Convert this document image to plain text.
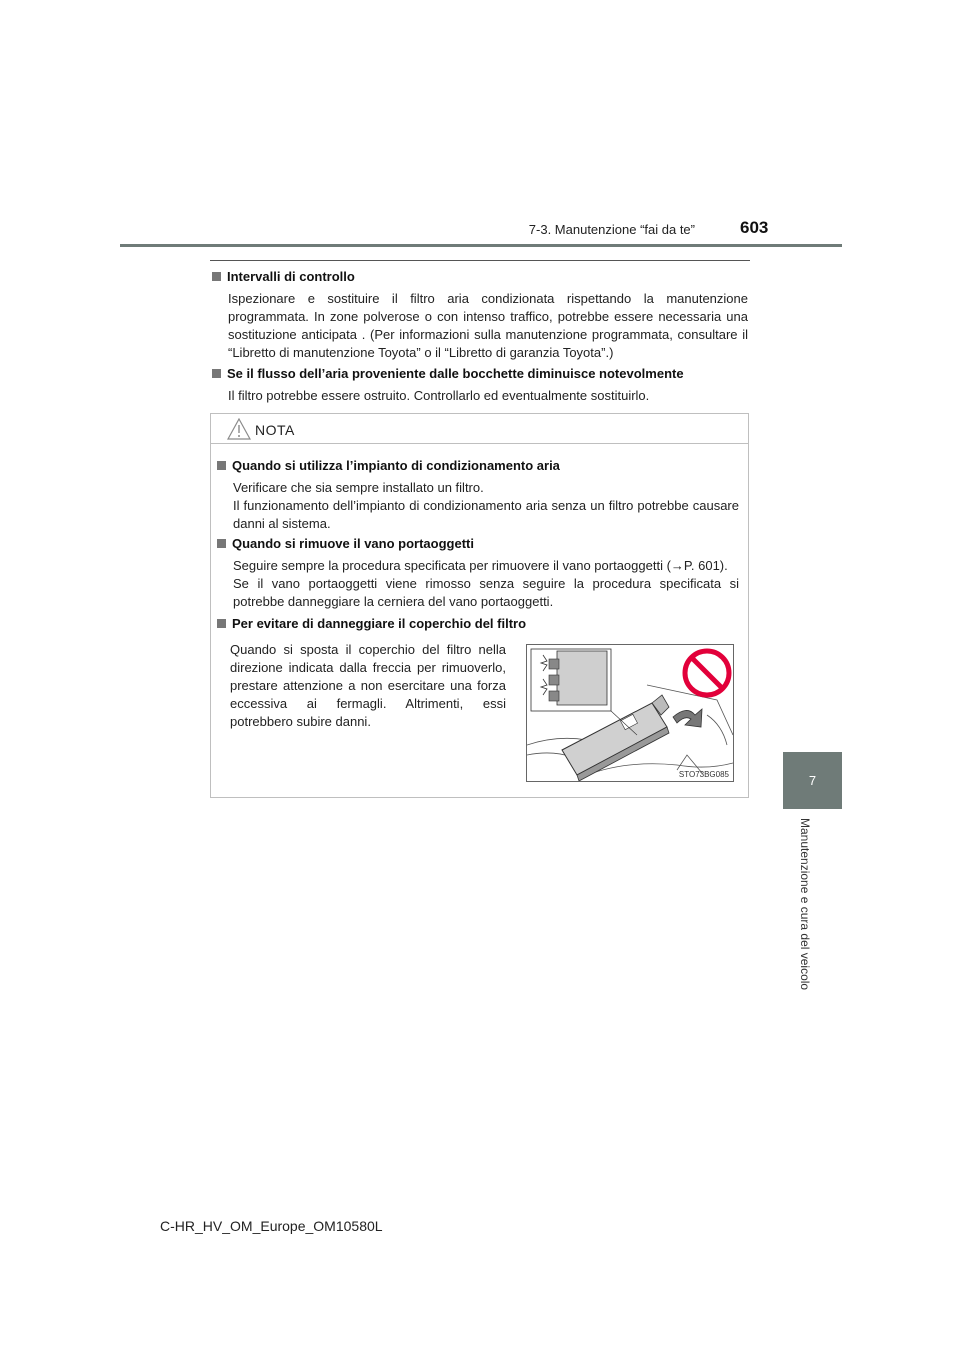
7-3. Manutenzione “fai da te”	603
7
Manutenzione e cura del veicolo
Intervalli di controllo
Ispezionare e sostituire il filtro aria condizionata rispettando la manutenzione programmata. In zone polverose o con intenso traffico, potrebbe essere necessaria una sostituzione anticipata . (Per informazioni sulla manutenzione programmata, consultare il “Libretto di manutenzione Toyota” o il “Libretto di garanzia Toyota”.)
Se il flusso dell’aria proveniente dalle bocchette diminuisce notevolmente
Il filtro potrebbe essere ostruito. Controllarlo ed eventualmente sostituirlo.
NOTA
Quando si utilizza l’impianto di condizionamento aria
Verificare che sia sempre installato un filtro.
Il funzionamento dell’impianto di condizionamento aria senza un filtro potrebbe causare danni al sistema.
Quando si rimuove il vano portaoggetti
Seguire sempre la procedura specificata per rimuovere il vano portaoggetti (→P. 601).
Se il vano portaoggetti viene rimosso senza seguire la procedura specificata si potrebbe danneggiare la cerniera del vano portaoggetti.
Per evitare di danneggiare il coperchio del filtro
Quando si sposta il coperchio del filtro nella direzione indicata dalla freccia per rimuoverlo, prestare attenzione a non esercitare una forza eccessiva ai fermagli. Altrimenti, essi potrebbero subire danni.
STO73BG085
C-HR_HV_OM_Europe_OM10580L
